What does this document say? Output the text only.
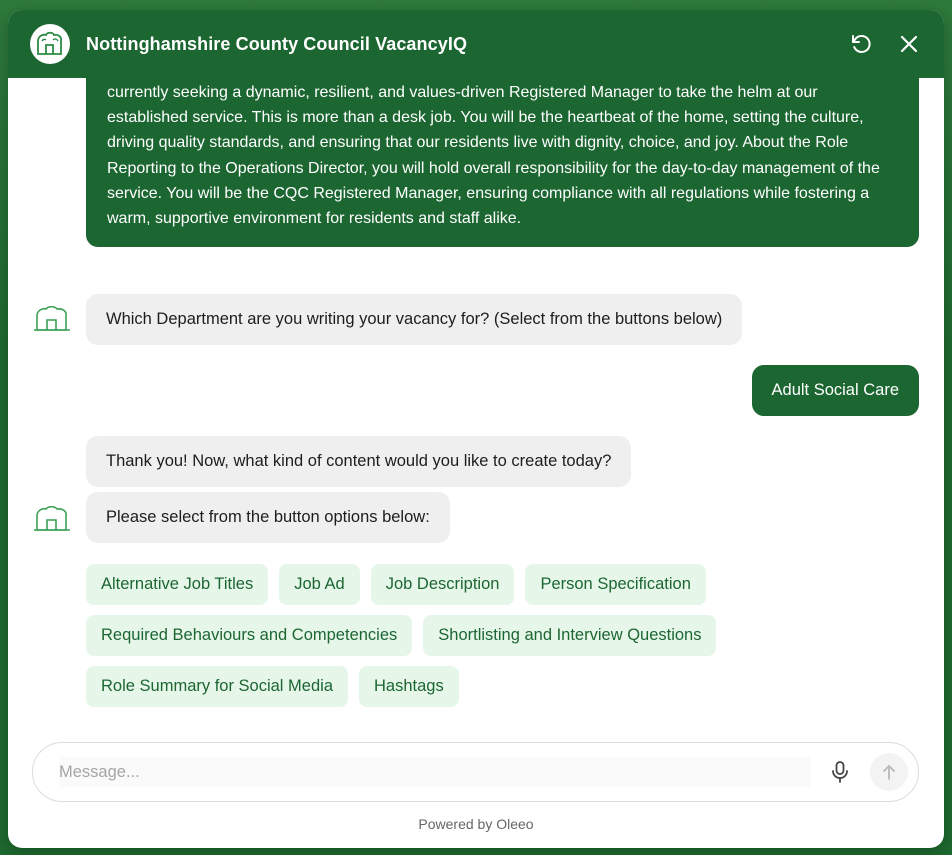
Nottinghamshire County Council VacancyIQ
currently seeking a dynamic, resilient, and values-driven Registered Manager to take the helm at our established service. This is more than a desk job. You will be the heartbeat of the home, setting the culture, driving quality standards, and ensuring that our residents live with dignity, choice, and joy. About the Role Reporting to the Operations Director, you will hold overall responsibility for the day-to-day management of the service. You will be the CQC Registered Manager, ensuring compliance with all regulations while fostering a warm, supportive environment for residents and staff alike.
Which Department are you writing your vacancy for? (Select from the buttons below)
Adult Social Care
Thank you! Now, what kind of content would you like to create today?
Please select from the button options below:
Alternative Job Titles	Job Ad	Job Description	Person Specification
Required Behaviours and Competencies	Shortlisting and Interview Questions
Role Summary for Social Media	Hashtags
Message...
Powered by Oleeo
